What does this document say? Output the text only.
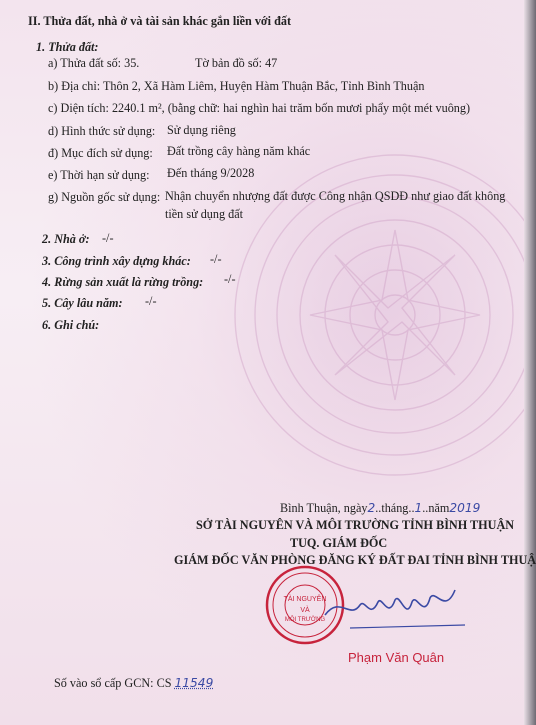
II. Thửa đất, nhà ở và tài sản khác gắn liền với đất
1. Thửa đất:
a) Thửa đất số: 35.	Tờ bản đồ số: 47
b) Địa chỉ: Thôn 2, Xã Hàm Liêm, Huyện Hàm Thuận Bắc, Tỉnh Bình Thuận
c) Diện tích: 2240.1 m², (bằng chữ: hai nghìn hai trăm bốn mươi phẩy một mét vuông)
d) Hình thức sử dụng: Sử dụng riêng
đ) Mục đích sử dụng: Đất trồng cây hàng năm khác
e) Thời hạn sử dụng: Đến tháng 9/2028
g) Nguồn gốc sử dụng: Nhận chuyển nhượng đất được Công nhận QSDĐ như giao đất không
tiền sử dụng đất
2. Nhà ở: -/-
3. Công trình xây dựng khác: -/-
4. Rừng sản xuất là rừng trồng: -/-
5. Cây lâu năm: -/-
6. Ghi chú:
Bình Thuận, ngày2..tháng..1..năm2019
SỞ TÀI NGUYÊN VÀ MÔI TRƯỜNG TỈNH BÌNH THUẬN
TUQ. GIÁM ĐỐC
GIÁM ĐỐC VĂN PHÒNG ĐĂNG KÝ ĐẤT ĐAI TỈNH BÌNH THUẬ
TÀI NGUYÊN
VÀ
MÔI TRƯỜNG
Phạm Văn Quân
Số vào sổ cấp GCN: CS 11549
